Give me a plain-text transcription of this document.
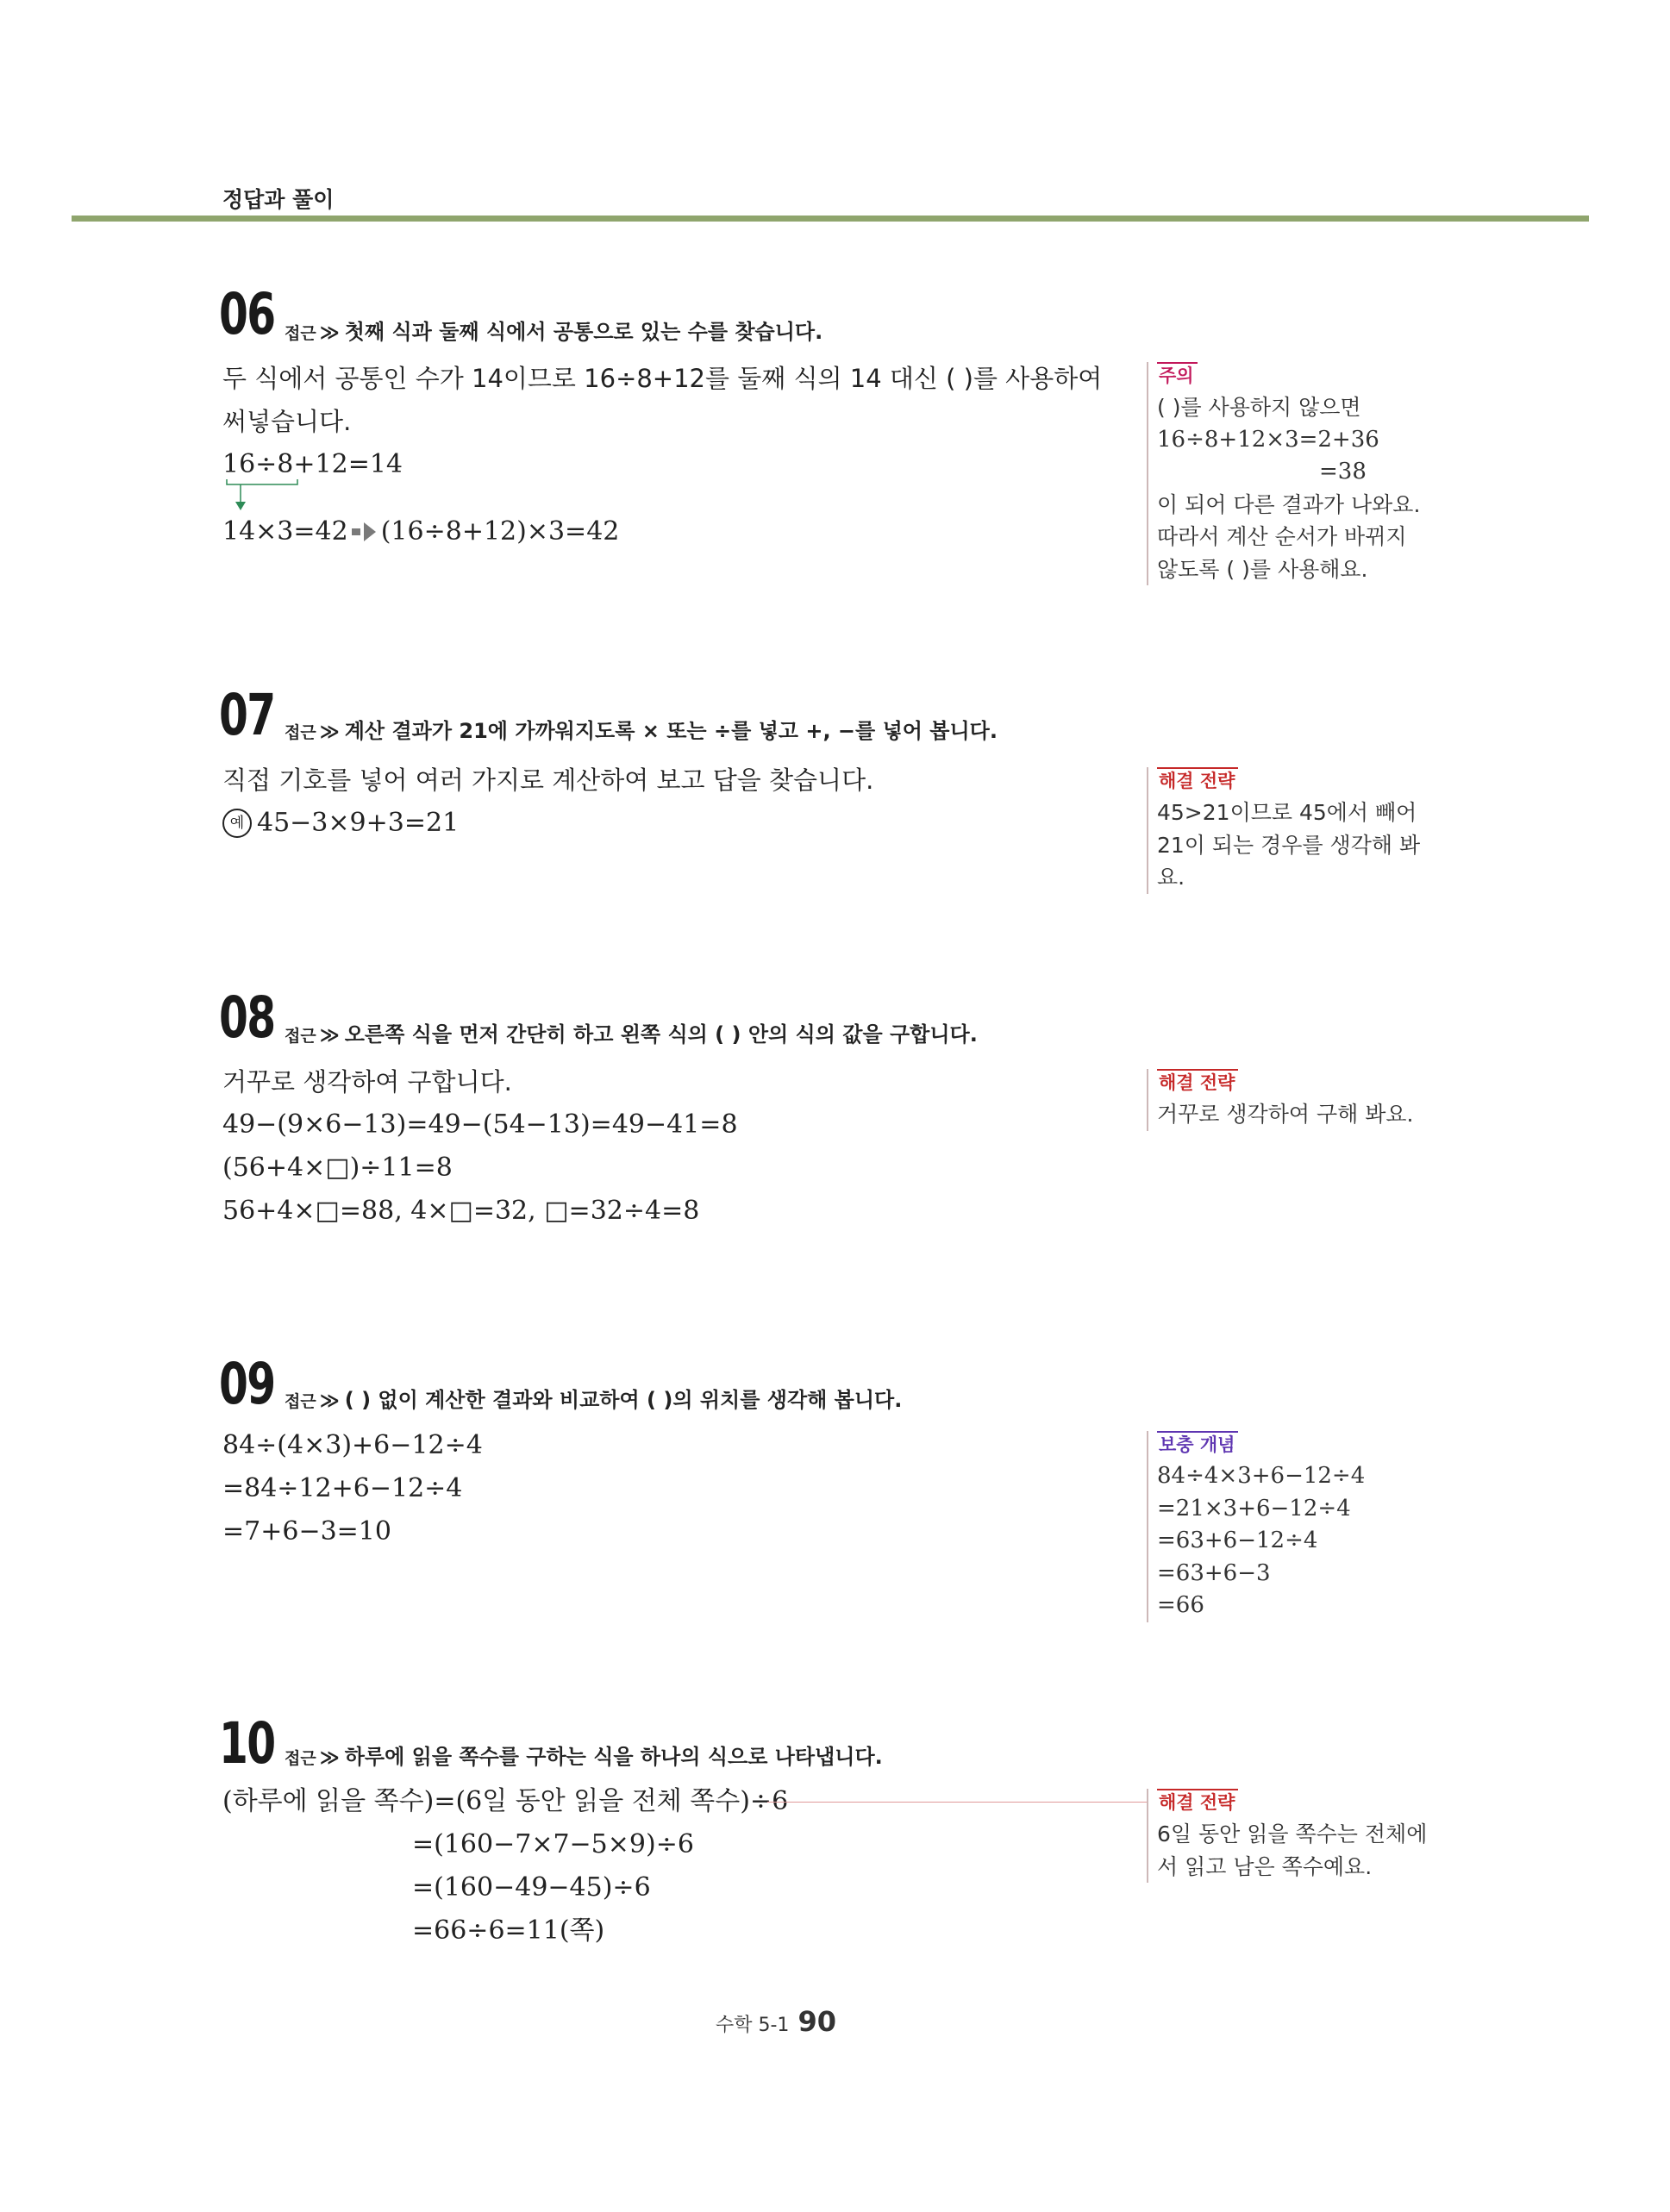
정답과 풀이
06 접근 ≫ 첫째 식과 둘째 식에서 공통으로 있는 수를 찾습니다.
두 식에서 공통인 수가 14이므로 16÷8+12를 둘째 식의 14 대신 ( )를 사용하여
써넣습니다.
16÷8+12=14
14×3=42 (16÷8+12)×3=42
주의
( )를 사용하지 않으면
16÷8+12×3=2+36
=38
이 되어 다른 결과가 나와요.
따라서 계산 순서가 바뀌지
않도록 ( )를 사용해요.
07 접근 ≫ 계산 결과가 21에 가까워지도록 × 또는 ÷를 넣고 +, −를 넣어 봅니다.
직접 기호를 넣어 여러 가지로 계산하여 보고 답을 찾습니다.
예 45−3×9+3=21
해결 전략
45>21이므로 45에서 빼어
21이 되는 경우를 생각해 봐
요.
08 접근 ≫ 오른쪽 식을 먼저 간단히 하고 왼쪽 식의 ( ) 안의 식의 값을 구합니다.
거꾸로 생각하여 구합니다.
49−(9×6−13)=49−(54−13)=49−41=8
(56+4×□)÷11=8
56+4×□=88, 4×□=32, □=32÷4=8
해결 전략
거꾸로 생각하여 구해 봐요.
09 접근 ≫ ( ) 없이 계산한 결과와 비교하여 ( )의 위치를 생각해 봅니다.
84÷(4×3)+6−12÷4
=84÷12+6−12÷4
=7+6−3=10
보충 개념
84÷4×3+6−12÷4
=21×3+6−12÷4
=63+6−12÷4
=63+6−3
=66
10 접근 ≫ 하루에 읽을 쪽수를 구하는 식을 하나의 식으로 나타냅니다.
(하루에 읽을 쪽수)=(6일 동안 읽을 전체 쪽수)÷6
=(160−7×7−5×9)÷6
=(160−49−45)÷6
=66÷6=11(쪽)
해결 전략
6일 동안 읽을 쪽수는 전체에
서 읽고 남은 쪽수예요.
수학 5-1 90
